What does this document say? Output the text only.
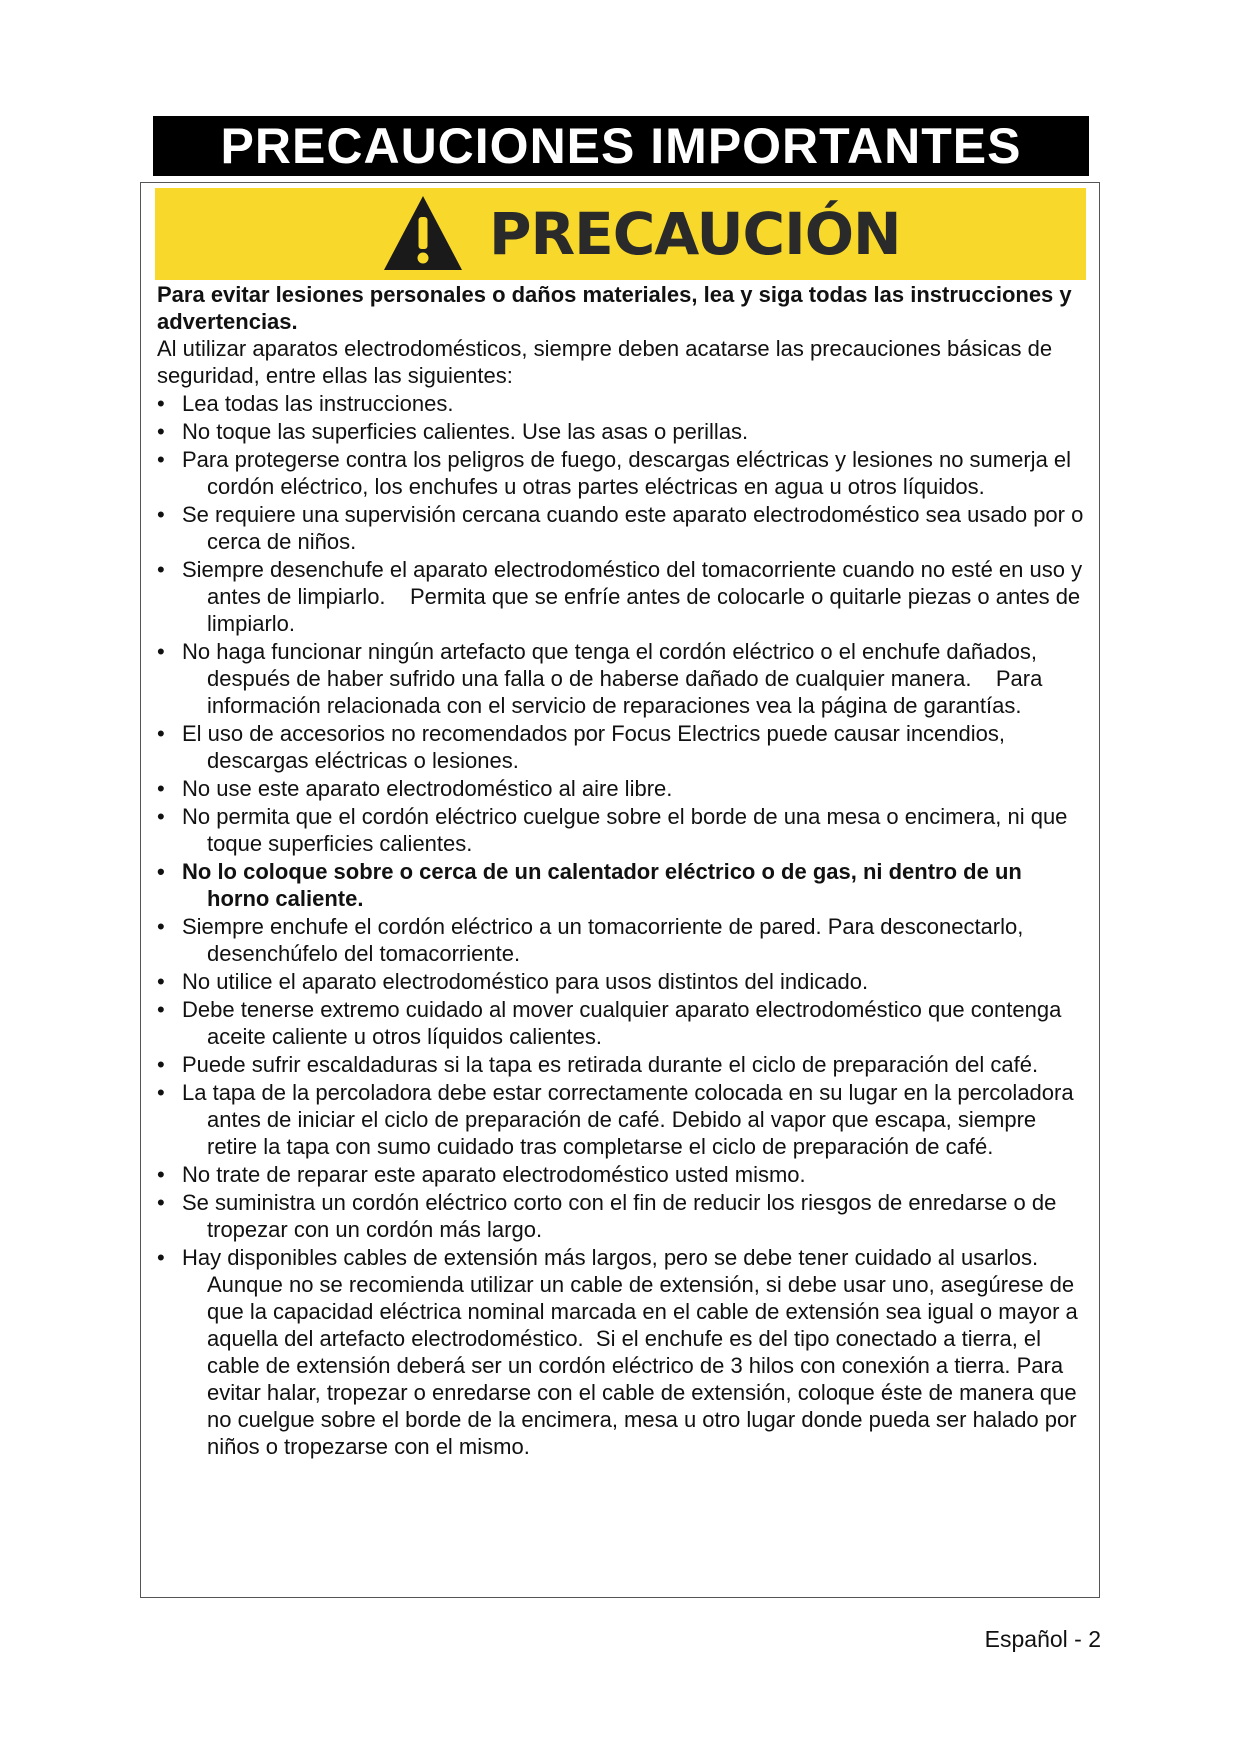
PRECAUCIONES IMPORTANTES
PRECAUCIÓN
Para evitar lesiones personales o daños materiales, lea y siga todas las instrucciones y advertencias.
Al utilizar aparatos electrodomésticos, siempre deben acatarse las precauciones básicas de seguridad, entre ellas las siguientes:
• Lea todas las instrucciones.
• No toque las superficies calientes. Use las asas o perillas.
• Para protegerse contra los peligros de fuego, descargas eléctricas y lesiones no sumerja el cordón eléctrico, los enchufes u otras partes eléctricas en agua u otros líquidos.
• Se requiere una supervisión cercana cuando este aparato electrodoméstico sea usado por o cerca de niños.
• Siempre desenchufe el aparato electrodoméstico del tomacorriente cuando no esté en uso y antes de limpiarlo.    Permita que se enfríe antes de colocarle o quitarle piezas o antes de limpiarlo.
• No haga funcionar ningún artefacto que tenga el cordón eléctrico o el enchufe dañados, después de haber sufrido una falla o de haberse dañado de cualquier manera.    Para información relacionada con el servicio de reparaciones vea la página de garantías.
• El uso de accesorios no recomendados por Focus Electrics puede causar incendios, descargas eléctricas o lesiones.
• No use este aparato electrodoméstico al aire libre.
• No permita que el cordón eléctrico cuelgue sobre el borde de una mesa o encimera, ni que toque superficies calientes.
• No lo coloque sobre o cerca de un calentador eléctrico o de gas, ni dentro de un horno caliente.
• Siempre enchufe el cordón eléctrico a un tomacorriente de pared. Para desconectarlo, desenchúfelo del tomacorriente.
• No utilice el aparato electrodoméstico para usos distintos del indicado.
• Debe tenerse extremo cuidado al mover cualquier aparato electrodoméstico que contenga aceite caliente u otros líquidos calientes.
• Puede sufrir escaldaduras si la tapa es retirada durante el ciclo de preparación del café.
• La tapa de la percoladora debe estar correctamente colocada en su lugar en la percoladora antes de iniciar el ciclo de preparación de café. Debido al vapor que escapa, siempre retire la tapa con sumo cuidado tras completarse el ciclo de preparación de café.
• No trate de reparar este aparato electrodoméstico usted mismo.
• Se suministra un cordón eléctrico corto con el fin de reducir los riesgos de enredarse o de tropezar con un cordón más largo.
• Hay disponibles cables de extensión más largos, pero se debe tener cuidado al usarlos.  Aunque no se recomienda utilizar un cable de extensión, si debe usar uno, asegúrese de que la capacidad eléctrica nominal marcada en el cable de extensión sea igual o mayor a aquella del artefacto electrodoméstico.  Si el enchufe es del tipo conectado a tierra, el cable de extensión deberá ser un cordón eléctrico de 3 hilos con conexión a tierra. Para evitar halar, tropezar o enredarse con el cable de extensión, coloque éste de manera que no cuelgue sobre el borde de la encimera, mesa u otro lugar donde pueda ser halado por niños o tropezarse con el mismo.
Español - 2
